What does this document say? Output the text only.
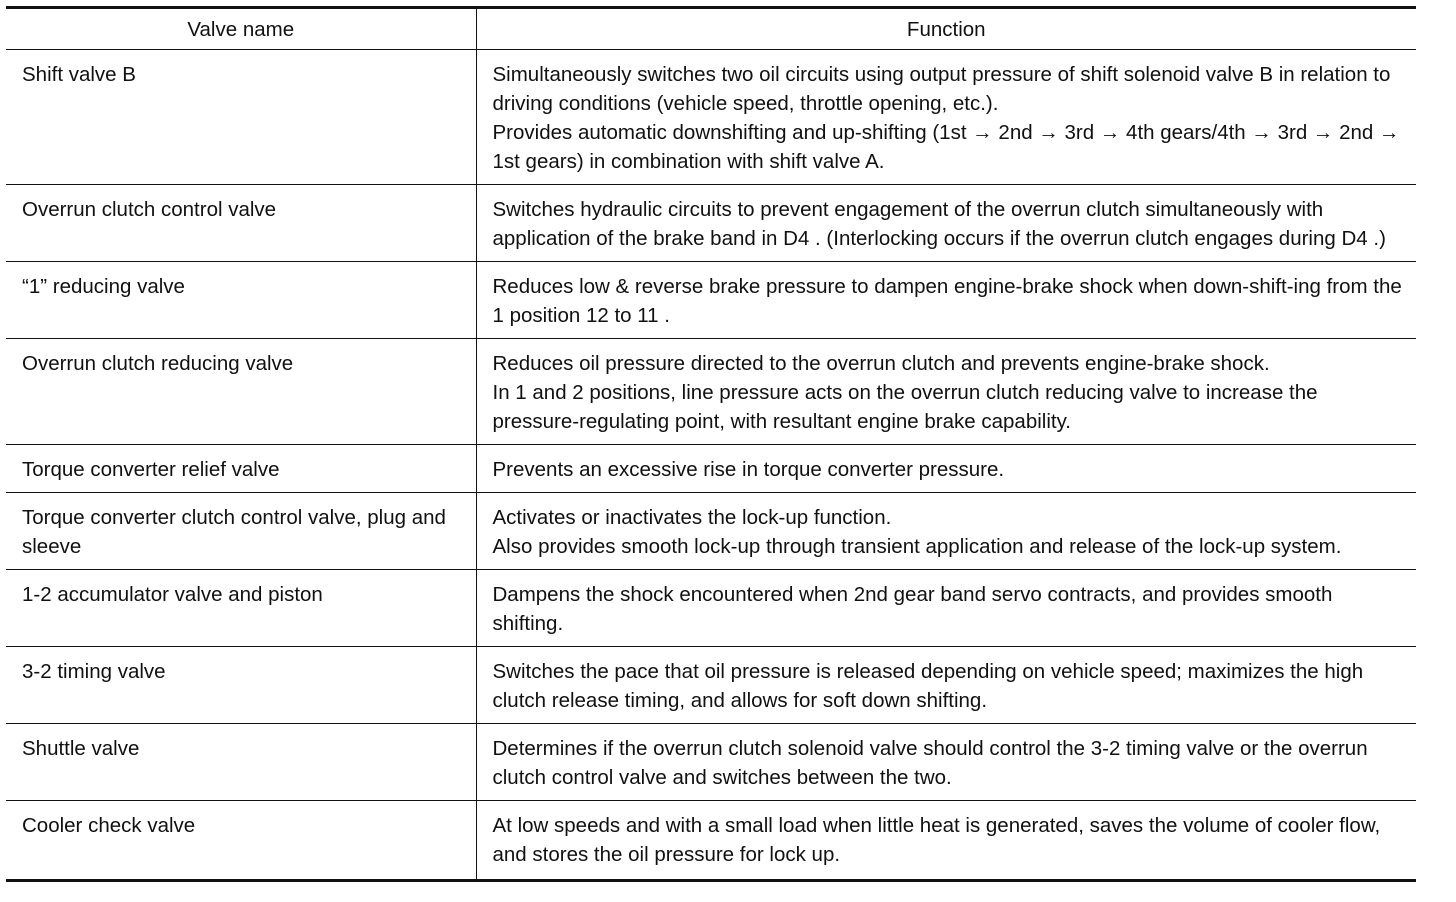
Valve name	Function
Shift valve B	Simultaneously switches two oil circuits using output pressure of shift solenoid valve B in relation to driving conditions (vehicle speed, throttle opening, etc.).
Provides automatic downshifting and up-shifting (1st → 2nd → 3rd → 4th gears/4th → 3rd → 2nd → 1st gears) in combination with shift valve A.

Overrun clutch control valve	Switches hydraulic circuits to prevent engagement of the overrun clutch simultaneously with application of the brake band in D4 . (Interlocking occurs if the overrun clutch engages during D4 .)

“1” reducing valve	Reduces low & reverse brake pressure to dampen engine-brake shock when down-shift-ing from the 1 position 12 to 11 .

Overrun clutch reducing valve	Reduces oil pressure directed to the overrun clutch and prevents engine-brake shock.
In 1 and 2 positions, line pressure acts on the overrun clutch reducing valve to increase the pressure-regulating point, with resultant engine brake capability.

Torque converter relief valve	Prevents an excessive rise in torque converter pressure.

Torque converter clutch control valve, plug and sleeve	Activates or inactivates the lock-up function.
Also provides smooth lock-up through transient application and release of the lock-up system.

1-2 accumulator valve and piston	Dampens the shock encountered when 2nd gear band servo contracts, and provides smooth shifting.

3-2 timing valve	Switches the pace that oil pressure is released depending on vehicle speed; maximizes the high clutch release timing, and allows for soft down shifting.

Shuttle valve	Determines if the overrun clutch solenoid valve should control the 3-2 timing valve or the overrun clutch control valve and switches between the two.

Cooler check valve	At low speeds and with a small load when little heat is generated, saves the volume of cooler flow, and stores the oil pressure for lock up.
